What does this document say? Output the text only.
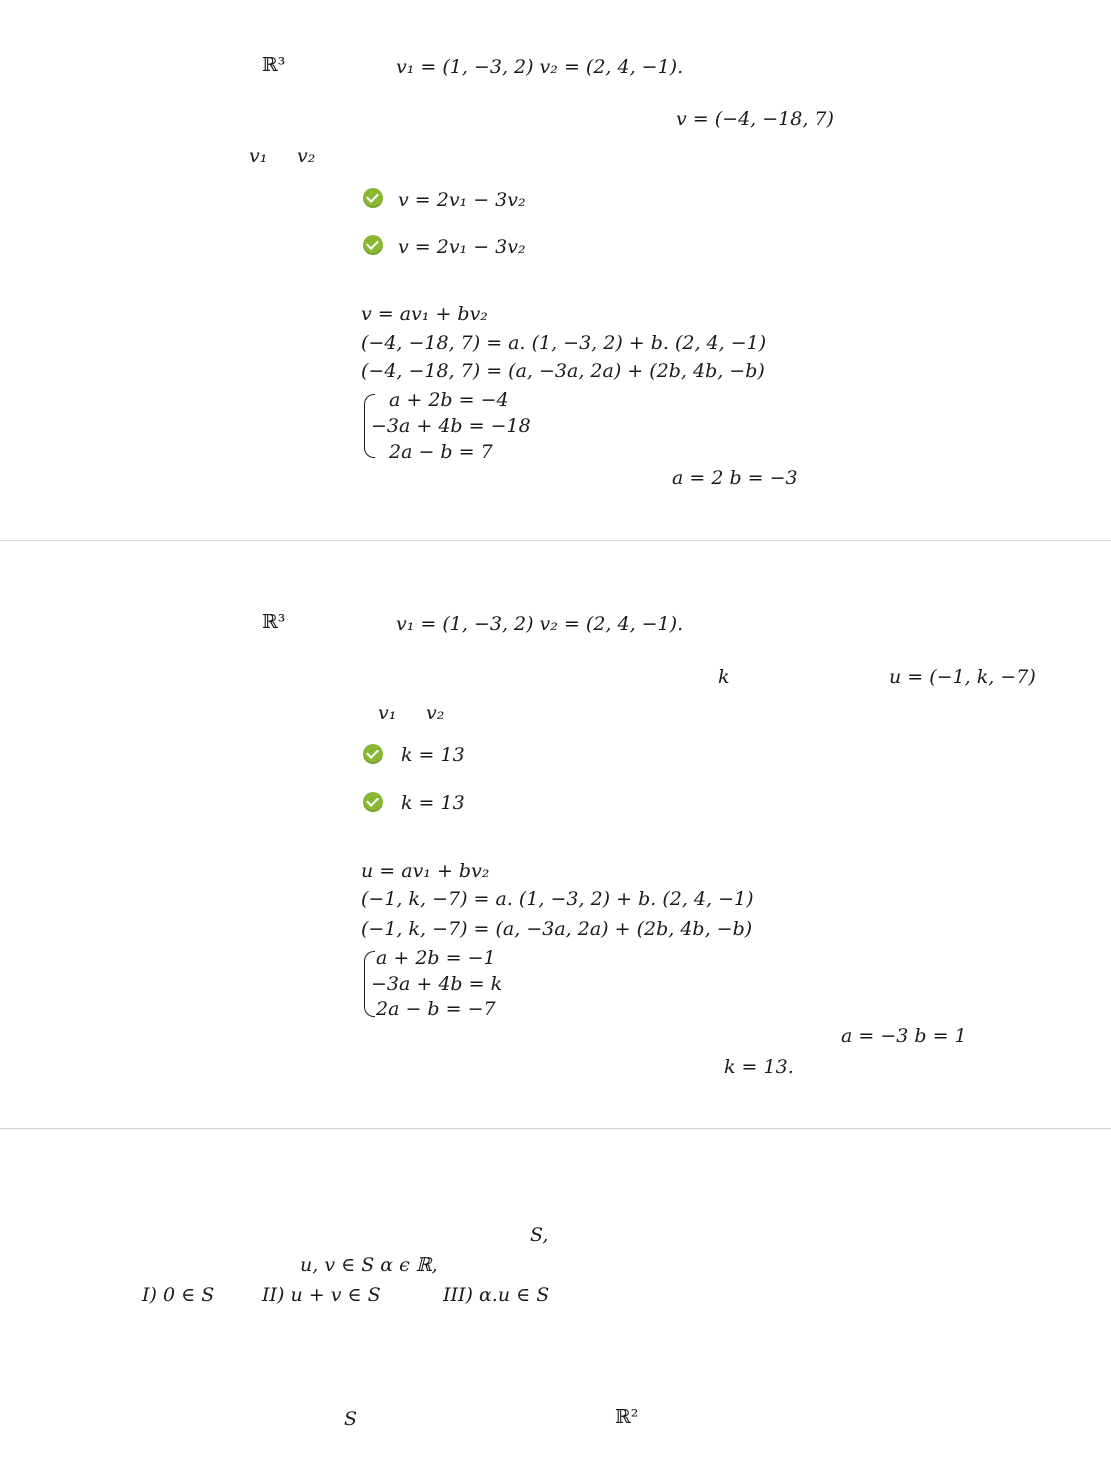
ℝ³	v₁ = (1, −3, 2) v₂ = (2, 4, −1).
v = (−4, −18, 7)
v₁ v₂
v = 2v₁ − 3v₂
v = 2v₁ − 3v₂
v = av₁ + bv₂
(−4, −18, 7) = a. (1, −3, 2) + b. (2, 4, −1)
(−4, −18, 7) = (a, −3a, 2a) + (2b, 4b, −b)
a + 2b = −4
−3a + 4b = −18
2a − b = 7
a = 2 b = −3
ℝ³	v₁ = (1, −3, 2) v₂ = (2, 4, −1).
k	u = (−1, k, −7)
v₁ v₂
k = 13
k = 13
u = av₁ + bv₂
(−1, k, −7) = a. (1, −3, 2) + b. (2, 4, −1)
(−1, k, −7) = (a, −3a, 2a) + (2b, 4b, −b)
a + 2b = −1
−3a + 4b = k
2a − b = −7
a = −3 b = 1
k = 13.
S,
u, v ∈ S α ϵ ℝ,
I) 0 ∈ S	II) u + v ∈ S	III) α.u ∈ S
S	ℝ²
